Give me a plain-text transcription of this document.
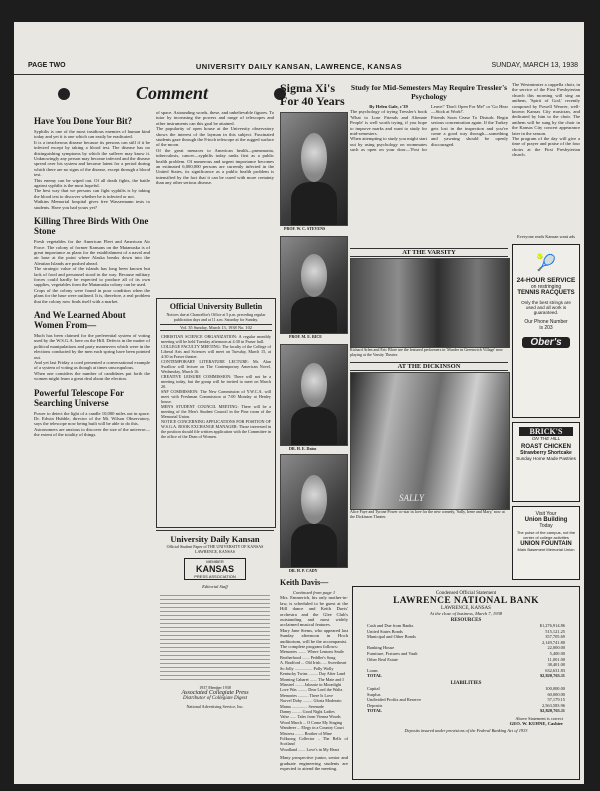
PAGE TWO	UNIVERSITY DAILY KANSAN, LAWRENCE, KANSAS	SUNDAY, MARCH 13, 1938
Comment
Have You Done Your Bit?
Syphilis is one of the most insidious enemies of human kind today and yet it is one which can easily be eradicated.
It is a treacherous disease because its persons can still if it be infected except by taking a blood test. The disease has no distinguishing symptoms by which the sufferer may know it. Unknowingly any person may become infected and the disease spread over his system and become latent for a period during which there are no signs of the disease, except through a blood test.
This enemy can be wiped out. Of all death fights, the battle against syphilis is the most hopeful.
The best way that we persons can fight syphilis is by taking the blood test to discover whether he is infected or not.
Watkins Memorial hospital gives free Wassermann tests to students. Have you had yours yet?
Killing Three Birds With One Stone
Fresh vegetables for the American Fleet and American Air Force. The colony of former Kansans on the Matanuska is of great importance as plans for the establishment of a naval and air base at the point where Alaska breaks down into the Aleutian Islands are pushed ahead.
The strategic value of the islands has long been known but lack of food and personnel stood in the way. Because military forces could hardly be expected to produce all of its own supplies, vegetables from the Matanuska colony can be used.
Crops of the colony were found in poor condition when the plans for the base were outlined. It is, therefore, a real problem that the colony now finds itself with a market.
And We Learned About Women From—
Much has been claimed for the preferential system of voting used by the W.S.G.A. here on the Hill. Defects in the matter of political manipulations and party maneuvers which were in the elections conducted by the men each spring have been pointed out.
And yet last Friday a coed presented a conversational example of a system of voting as though at times unscrupulous.
When one considers the number of candidates put forth the women might learn a great deal about the election.
Powerful Telescope For Searching Universe
Power to detect the light of a candle 10,000 miles out in space. Dr. Edwin Hubble, director of the Mt. Wilson Observatory, says the telescope now being built will be able to do this.
Astronomers are anxious to discover the size of the universe—the extent of the totality of things.
of space. Astounding words, these, and unbelievable figures. To tutor by increasing the powers and range of telescopes and other instruments can this goal be attained.
The popularity of open house at the University observatory shows the interest of the layman in this subject. Fascinated students gaze through the 8-inch telescope at the rugged surface of the moon.
Of the great menaces to American health—pneumonia, tuberculosis, cancer—syphilis today ranks first as a public health problem. Of numerous and urgent importance becomes an estimated 6,000,000 persons are currently infected in the United States, its significance as a public health problem is intensified by the fact that it can be cured with more certainty than any other serious disease.
Official University Bulletin
Notices due at Chancellor's Office at 5 p.m. preceding regular publication days and at 11 a.m. Saturday for Sunday.
Vol. 35 Sunday, March 13, 1938 No. 102
CHRISTIAN SCIENCE ORGANIZATION: A regular monthly meeting will be held Tuesday afternoon at 4:30 in Fraser hall.
COLLEGE FACULTY MEETING: The faculty of the College of Liberal Arts and Sciences will meet on Tuesday, March 15, at 4:30 in Fraser theater.
CONTEMPORARY LITERATURE LECTURE: Mr. Alan Swallow will lecture on The Contemporary American Novel, Wednesday, March 16.
CREATIVE LEISURE COMMISSION: There will not be a meeting today, but the group will be invited to meet on March 20.
SNF COMMISSION: The New Commission of Y.W.C.A. will meet with Freshman Commission at 7:00 Monday at Henley house.
MEN'S STUDENT COUNCIL MEETING: There will be a meeting of the Men's Student Council in the Pine room of the Memorial Union.
NOTICE CONCERNING APPLICATIONS FOR POSITION OF W.S.G.A. BOOK EXCHANGE MANAGER: Those interested in the position should file written application with the Committee in the office of the Dean of Women.
University Daily Kansan
Official Student Paper of THE UNIVERSITY OF KANSAS LAWRENCE, KANSAS
MEMBER
KANSAS
PRESS ASSOCIATION
Editorial Staff
1937 Member 1938
Associated Collegiate Press
Distributor of Collegiate Digest
National Advertising Service, Inc.
Sigma Xi's For 40 Years
PROF. W. C. STEVENS
PROF. M. E. RICE
DR. H. E. Dains
DR. H. P. CADY
Study for Mid-Semesters May Require Tressler's Psychology
By Helen Gale, c'39
The psychology of trying Tressler's book 'What to Lose Friends and Alienate People' is well worth trying, if you hope to improve marks and want to study for mid-semesters.
When attempting to study you might start out by using psychology on roommates such as open on your door—'Post for Leave!' 'Don't Open For Me!' or 'Go Hear—Stick at Work!'.
Friends Soon Cease To Disturb. Begin serious concentration again. If the Turkey gets lost in the inspection and you've come a good way through—something and yawning should be openly discouraged.
AT THE VARSITY
Richard Arlen and Eric Blore are the featured performers in 'Murder in Greenwich Village' now playing at the Varsity Theater.
AT THE DICKINSON
SALLY
Alice Faye and Tyrone Power co-star in love for the new comedy, 'Sally, Irene and Mary,' now at the Dickinson Theater.
Keith Davis—
Continued from page 1
Mrs. Emmerich, his only mother-in-law, is scheduled to be guest at the Hill dance and Keith Davis' orchestra and the Glee Club's outstanding and most widely acclaimed musical features.
Mary Jane Stems, who appeared last Sunday afternoon in Hoch auditorium, will be the accompanist.
The complete program follows:
Memories ........ Where Lemons Smile
Brotherhood ....... Peddler's Song
A. Bradford ... Old Irish ..... Sweetheart
So Jolly ................. Polly Wolly
Kentucky Twins ......... Day After Land
Morning Cabaret ....... The Mate and I
Minstrel ........ Jalousie in Moonlight
Love Was ......... Dear Lord the Waltz
Memories .......... There Is Love
Norvel Doby ......... Gloria Moderato
Mama ............... Serenade
Danny ......... Good Night Ladies
Valse ...... Tales from Vienna Woods
Wood March ... O Come My Singing
Wanderer ... Elegy in a Country Court
Mistress ........ Brother of Mine
Folksong Collector .. The Bells of Scotland
Woodland ....... Love's in My Heart
Many prospective junior, senior and graduate engineering students are expected to attend the meeting.
The Westminster a cappella choir, in the service of the First Presbyterian church this morning will sing an anthem, 'Spirit of God,' recently composed by Powell Weaver, well-known Kansas City musician, and dedicated by him to the choir. The anthem will be sung by the choir in the Kansas City concert appearance later in the season.
The program of the day will give a time of prayer and praise of the four choirs at the First Presbyterian church.
Everyone reads Kansan want ads
🎾
24-HOUR SERVICE
on restringing
TENNIS RACQUETS
Only the best strings are used and all work is guaranteed.
Our Phone Number
is 203
Ober's
BRICK'S
ON THE HILL
ROAST CHICKEN
Strawberry Shortcake
Sunday Home Made Pastries
Visit Your
Union Building
Today
The pulse of the campus, not the center of college activities
UNION FOUNTAIN
Main Basement Memorial Union
Condensed Official Statement
LAWRENCE NATIONAL BANK
LAWRENCE, KANSAS
At the close of business, March 7, 1938
RESOURCES
Cash and Due from Banks	$1,276,914.86
United States Bonds	515,121.25
Municipal and Other Bonds	357,705.69
2,149,741.80
Banking House	22,000.00
Furniture, Fixtures and Vault	5,400.00
Other Real Estate	11,001.00
38,401.00
Loans	632,631.83
TOTAL	$2,820,763.11
LIABILITIES
Capital	100,000.00
Surplus	60,000.00
Undivided Profits and Reserve	57,179.15
Deposits	2,563,583.96
TOTAL	$2,820,763.11
Above Statement is correct
GEO. W. KUHNE, Cashier
Deposits insured under provisions of the Federal Banking Act of 1933
